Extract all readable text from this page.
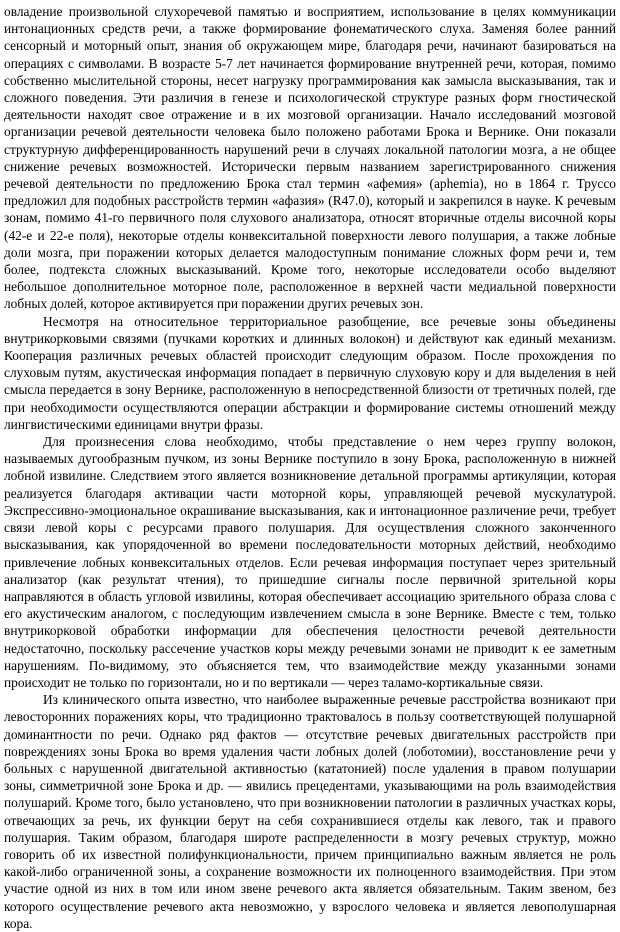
овладение произвольной слухоречевой памятью и восприятием, использование в целях коммуникации интонационных средств речи, а также формирование фонематического слуха. Заменяя более ранний сенсорный и моторный опыт, знания об окружающем мире, благодаря речи, начинают базироваться на операциях с символами. В возрасте 5-7 лет начинается формирование внутренней речи, которая, помимо собственно мыслительной стороны, несет нагрузку программирования как замысла высказывания, так и сложного поведения. Эти различия в генезе и психологической структуре разных форм гностической деятельности находят свое отражение и в их мозговой организации. Начало исследований мозговой организации речевой деятельности человека было положено работами Брока и Вернике. Они показали структурную дифференцированность нарушений речи в случаях локальной патологии мозга, а не общее снижение речевых возможностей. Исторически первым названием зарегистрированного снижения речевой деятельности по предложению Брока стал термин «афемия» (aphemia), но в 1864 г. Труссо предложил для подобных расстройств термин «афазия» (R47.0), который и закрепился в науке. К речевым зонам, помимо 41-го первичного поля слухового анализатора, относят вторичные отделы височной коры (42-е и 22-е поля), некоторые отделы конвекситальной поверхности левого полушария, а также лобные доли мозга, при поражении которых делается малодоступным понимание сложных форм речи и, тем более, подтекста сложных высказываний. Кроме того, некоторые исследователи особо выделяют небольшое дополнительное моторное поле, расположенное в верхней части медиальной поверхности лобных долей, которое активируется при поражении других речевых зон.

Несмотря на относительное территориальное разобщение, все речевые зоны объединены внутрикорковыми связями (пучками коротких и длинных волокон) и действуют как единый механизм. Кооперация различных речевых областей происходит следующим образом. После прохождения по слуховым путям, акустическая информация попадает в первичную слуховую кору и для выделения в ней смысла передается в зону Вернике, расположенную в непосредственной близости от третичных полей, где при необходимости осуществляются операции абстракции и формирование системы отношений между лингвистическими единицами внутри фразы.

Для произнесения слова необходимо, чтобы представление о нем через группу волокон, называемых дугообразным пучком, из зоны Вернике поступило в зону Брока, расположенную в нижней лобной извилине. Следствием этого является возникновение детальной программы артикуляции, которая реализуется благодаря активации части моторной коры, управляющей речевой мускулатурой. Экспрессивно-эмоциональное окрашивание высказывания, как и интонационное различение речи, требует связи левой коры с ресурсами правого полушария. Для осуществления сложного законченного высказывания, как упорядоченной во времени последовательности моторных действий, необходимо привлечение лобных конвекситальных отделов. Если речевая информация поступает через зрительный анализатор (как результат чтения), то пришедшие сигналы после первичной зрительной коры направляются в область угловой извилины, которая обеспечивает ассоциацию зрительного образа слова с его акустическим аналогом, с последующим извлечением смысла в зоне Вернике. Вместе с тем, только внутрикорковой обработки информации для обеспечения целостности речевой деятельности недостаточно, поскольку рассечение участков коры между речевыми зонами не приводит к ее заметным нарушениям. По-видимому, это объясняется тем, что взаимодействие между указанными зонами происходит не только по горизонтали, но и по вертикали — через таламо-кортикальные связи.

Из клинического опыта известно, что наиболее выраженные речевые расстройства возникают при левосторонних поражениях коры, что традиционно трактовалось в пользу соответствующей полушарной доминантности по речи. Однако ряд фактов — отсутствие речевых двигательных расстройств при повреждениях зоны Брока во время удаления части лобных долей (лоботомии), восстановление речи у больных с нарушенной двигательной активностью (кататонией) после удаления в правом полушарии зоны, симметричной зоне Брока и др. — явились прецедентами, указывающими на роль взаимодействия полушарий. Кроме того, было установлено, что при возникновении патологии в различных участках коры, отвечающих за речь, их функции берут на себя сохранившиеся отделы как левого, так и правого полушария. Таким образом, благодаря широте распределенности в мозгу речевых структур, можно говорить об их известной полифункциональности, причем принципиально важным является не роль какой-либо ограниченной зоны, а сохранение возможности их полноценного взаимодействия. При этом участие одной из них в том или ином звене речевого акта является обязательным. Таким звеном, без которого осуществление речевого акта невозможно, у взрослого человека и является левополушарная кора.
